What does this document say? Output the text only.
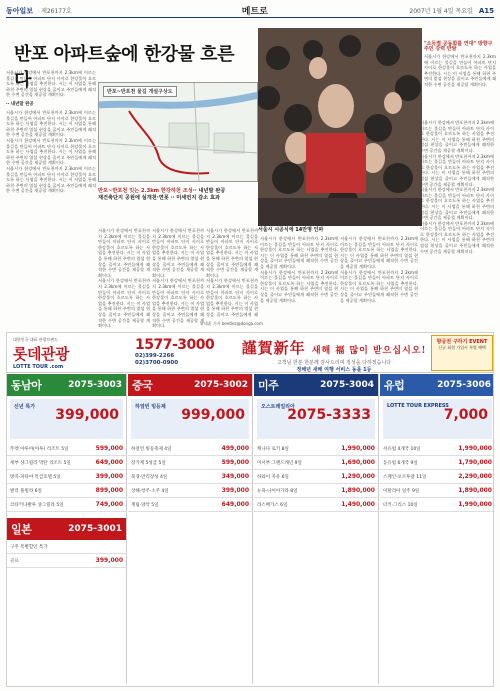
동아일보 제26177호	메트로	2007년 1월 4일 목요일 A15
반포 아파트숲에 한강물 흐른다
서울시가 한강에서 반포천까지 2.3km에 이르는 물길을 만들어 아파트 단지 사이로 한강물이 흐르도록 하는 사업을 추진한다. 시는 이 사업을 통해 하천 주변의 열섬 현상을 줄이고 주민들에게 쾌적한 수변 공간을 제공할 계획이다.
·· 내년말 완공
서울시가 한강에서 반포천까지 2.3km에 이르는 물길을 만들어 아파트 단지 사이로 한강물이 흐르도록 하는 사업을 추진한다. 시는 이 사업을 통해 하천 주변의 열섬 현상을 줄이고 주민들에게 쾌적한 수변 공간을 제공할 계획이다.
서울시가 한강에서 반포천까지 2.3km에 이르는 물길을 만들어 아파트 단지 사이로 한강물이 흐르도록 하는 사업을 추진한다. 시는 이 사업을 통해 하천 주변의 열섬 현상을 줄이고 주민들에게 쾌적한 수변 공간을 제공할 계획이다.
서울시가 한강에서 반포천까지 2.3km에 이르는 물길을 만들어 아파트 단지 사이로 한강물이 흐르도록 하는 사업을 추진한다. 시는 이 사업을 통해 하천 주변의 열섬 현상을 줄이고 주민들에게 쾌적한 수변 공간을 제공할 계획이다.
반포~반포천 물길 개설구상도
"소득별 공동화를 연대" 방향구 주민 강력 반발
서울시가 한강에서 반포천까지 2.3km에 이르는 물길을 만들어 아파트 단지 사이로 한강물이 흐르도록 하는 사업을 추진한다. 시는 이 사업을 통해 하천 주변의 열섬 현상을 줄이고 주민들에게 쾌적한 수변 공간을 제공할 계획이다.
반포~반포천 잇는 2.3km 한강하천 조성·· 내년말 완공
재건축단지 공원에 실개천·연못 ·· 미세먼지 감소 효과
서울시 시공식에 14만명 인파
서울시가 한강에서 반포천까지 2.3km에 이르는 물길을 만들어 아파트 단지 사이로 한강물이 흐르도록 하는 사업을 추진한다. 시는 이 사업을 통해 하천 주변의 열섬 현상을 줄이고 주민들에게 쾌적한 수변 공간을 제공할 계획이다.
서울시가 한강에서 반포천까지 2.3km에 이르는 물길을 만들어 아파트 단지 사이로 한강물이 흐르도록 하는 사업을 추진한다. 시는 이 사업을 통해 하천 주변의 열섬 현상을 줄이고 주민들에게 쾌적한 수변 공간을 제공할 계획이다.
서울시가 한강에서 반포천까지 2.3km에 이르는 물길을 만들어 아파트 단지 사이로 한강물이 흐르도록 하는 사업을 추진한다. 시는 이 사업을 통해 하천 주변의 열섬 현상을 줄이고 주민들에게 쾌적한 수변 공간을 제공할 계획이다.
서울시가 한강에서 반포천까지 2.3km에 이르는 물길을 만들어 아파트 단지 사이로 한강물이 흐르도록 하는 사업을 추진한다. 시는 이 사업을 통해 하천 주변의 열섬 현상을 줄이고 주민들에게 쾌적한 수변 공간을 제공할 계획이다.
서울시가 한강에서 반포천까지 2.3km에 이르는 물길을 만들어 아파트 단지 사이로 한강물이 흐르도록 하는 사업을 추진한다. 시는 이 사업을 통해 하천 주변의 열섬 현상을 줄이고 주민들에게 쾌적한 수변 공간을 제공할 계획이다.
서울시가 한강에서 반포천까지 2.3km에 이르는 물길을 만들어 아파트 단지 사이로 한강물이 흐르도록 하는 사업을 추진한다. 시는 이 사업을 통해 하천 주변의 열섬 현상을 줄이고 주민들에게 쾌
서울시가 한강에서 반포천까지 2.3km에 이르는 물길을 만들어 아파트 단지 사이로 한강물이 흐르도록 하는 사업을 추진한다. 시는 이 사업을 통해 하천 주변의 열섬 현상을 줄이고 주민들에게 쾌적한 수변 공간을 제공할 계획이다.
서울시가 한강에서 반포천까지 2.3km에 이르는 물길을 만들어 아파트 단지 사이로 한강물이 흐르도록 하는 사업을 추진한다. 시는 이 사업을 통해 하천 주변의 열섬 현상을 줄이고 주민들에게 쾌적한 수변 공간을 제공할 계획이다.
서울시가 한강에서 반포천까지 2.3km에 이르는 물길을 만들어 아파트 단지 사이로 한강물이 흐르도록 하는 사업을 추진한다. 시는 이 사업을 통해 하천 주변의 열섬 현상을 줄이고 주민들에게 쾌적한 수변 공간을 제공할 계획이다.
서울시가 한강에서 반포천까지 2.3km에 이르는 물길을 만들어 아파트 단지 사이로 한강물이 흐르도록 하는 사업을 추진한다. 시는 이 사업을 통해 하천 주변의 열섬 현상을 줄이고 주민들에게 쾌적한 수변 공간을 제공할 계획이다.
서울시가 한강에서 반포천까지 2.3km에 이르는 물길을 만들어 아파트 단지 사이로 한강물이 흐르도록 하는 사업을 추진한다. 시는 이 사업을 통해 하천 주변의 열섬 현상을 줄이고 주민들에게 쾌적한 수변 공간을 제공할 계획이다.
서울시가 한강에서 반포천까지 2.3km에 이르는 물길을 만들어 아파트 단지 사이로 한강물이 흐르도록 하는 사업을 추진한다. 시는 이 사업을 통해 하천 주변의 열섬 현상을 줄이고 주민들에게 쾌적한 수변 공간을 제공할 계획이다.
서울시가 한강에서 반포천까지 2.3km에 이르는 물길을 만들어 아파트 단지 사이로 한강물이 흐르도록 하는 사업을 추진한다. 시는 이 사업을 통해 하천 주변의 열섬 현상을 줄이고 주민들에게 쾌적한 수변 공간을 제공할 계획이다.
서울시가 한강에서 반포천까지 2.3km에 이르는 물길을 만들어 아파트 단지 사이로 한강물이 흐르도록 하는 사업을 추진한다. 시는 이 사업을 통해 하천 주변의 열섬 현상을 줄이고 주민들에게 쾌적한 수변 공간을 제공할 계획이다.
황태훈 기자 beetlez@donga.com
대한민국 대표 관광브랜드
롯데관광
LOTTE TOUR .com
1577-3000
02)399-2266
02)3700-0900
謹賀新年 새해 福 많이 받으십시오!
고객님 한분 한분께 감사드리며 정성을 다하겠습니다
정해년 새해 여행 서비스 동을 1등
항공권 구하기 EVENT
신규 회원 가입시 특별 혜택
동남아	2075-3003
신년 특가 399,000
푸켓 아루아(아투) 리조트 5일	599,000
세부 샹그릴라 막탄 리조트 5일	649,000
방콕·파타야 특급호텔 5일	399,000
발리 풀빌라 6일	899,000
코타키나발루 샹그릴라 5일	749,000
일본	2075-3001
구주 특별할인 특가
골프	399,000
중국	2075-3002
하얼빈 빙등제 999,000
하얼빈 빙등축제 4일	499,000
장가계 5성급 5일	599,000
북경·만리장성 4일	349,000
상해·항주·소주 4일	399,000
계림·양삭 5일	649,000
미주	2075-3004
오스트레일리아
2075-3333
캐나다 로키 8일	1,990,000
미서부 그랜드캐년 9일	1,690,000
하와이 자유 6일	1,290,000
뉴욕·나이아가라 8일	1,890,000
라스베가스 6일	1,490,000
유럽	2075-3006
LOTTE TOUR EXPRESS
7,000
서유럽 4개국 10일	1,990,000
동유럽 6개국 9일	1,790,000
스페인·포르투갈 11일	2,290,000
이탈리아 일주 9일	1,890,000
터키·그리스 10일	1,990,000
